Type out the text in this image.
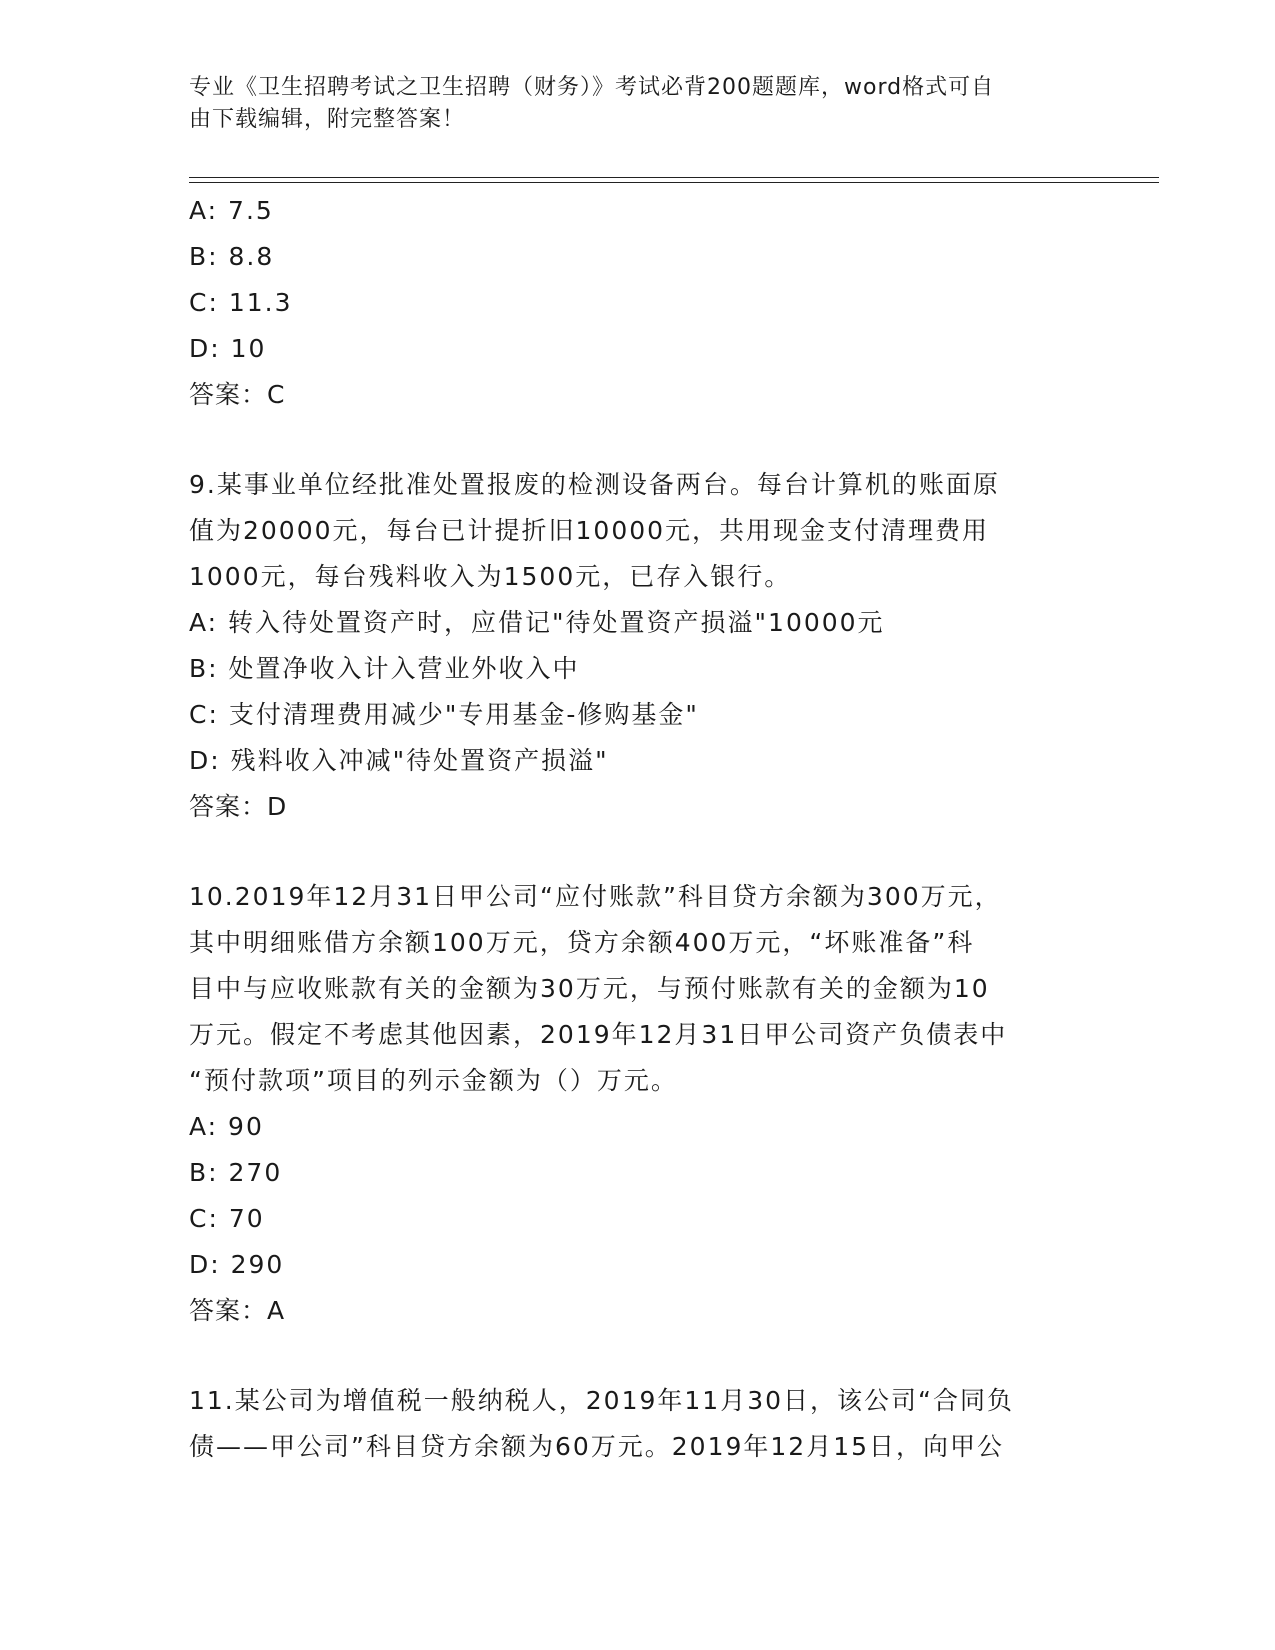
专业《卫生招聘考试之卫生招聘（财务）》考试必背200题题库，word格式可自
由下载编辑，附完整答案！
A: 7.5
B: 8.8
C: 11.3
D: 10
答案：C
9.某事业单位经批准处置报废的检测设备两台。每台计算机的账面原
值为20000元，每台已计提折旧10000元，共用现金支付清理费用
1000元，每台残料收入为1500元，已存入银行。
A: 转入待处置资产时，应借记"待处置资产损溢"10000元
B: 处置净收入计入营业外收入中
C: 支付清理费用减少"专用基金-修购基金"
D: 残料收入冲减"待处置资产损溢"
答案：D
10.2019年12月31日甲公司“应付账款”科目贷方余额为300万元，
其中明细账借方余额100万元，贷方余额400万元，“坏账准备”科
目中与应收账款有关的金额为30万元，与预付账款有关的金额为10
万元。假定不考虑其他因素，2019年12月31日甲公司资产负债表中
“预付款项”项目的列示金额为（）万元。
A: 90
B: 270
C: 70
D: 290
答案：A
11.某公司为增值税一般纳税人，2019年11月30日，该公司“合同负
债——甲公司”科目贷方余额为60万元。2019年12月15日，向甲公
